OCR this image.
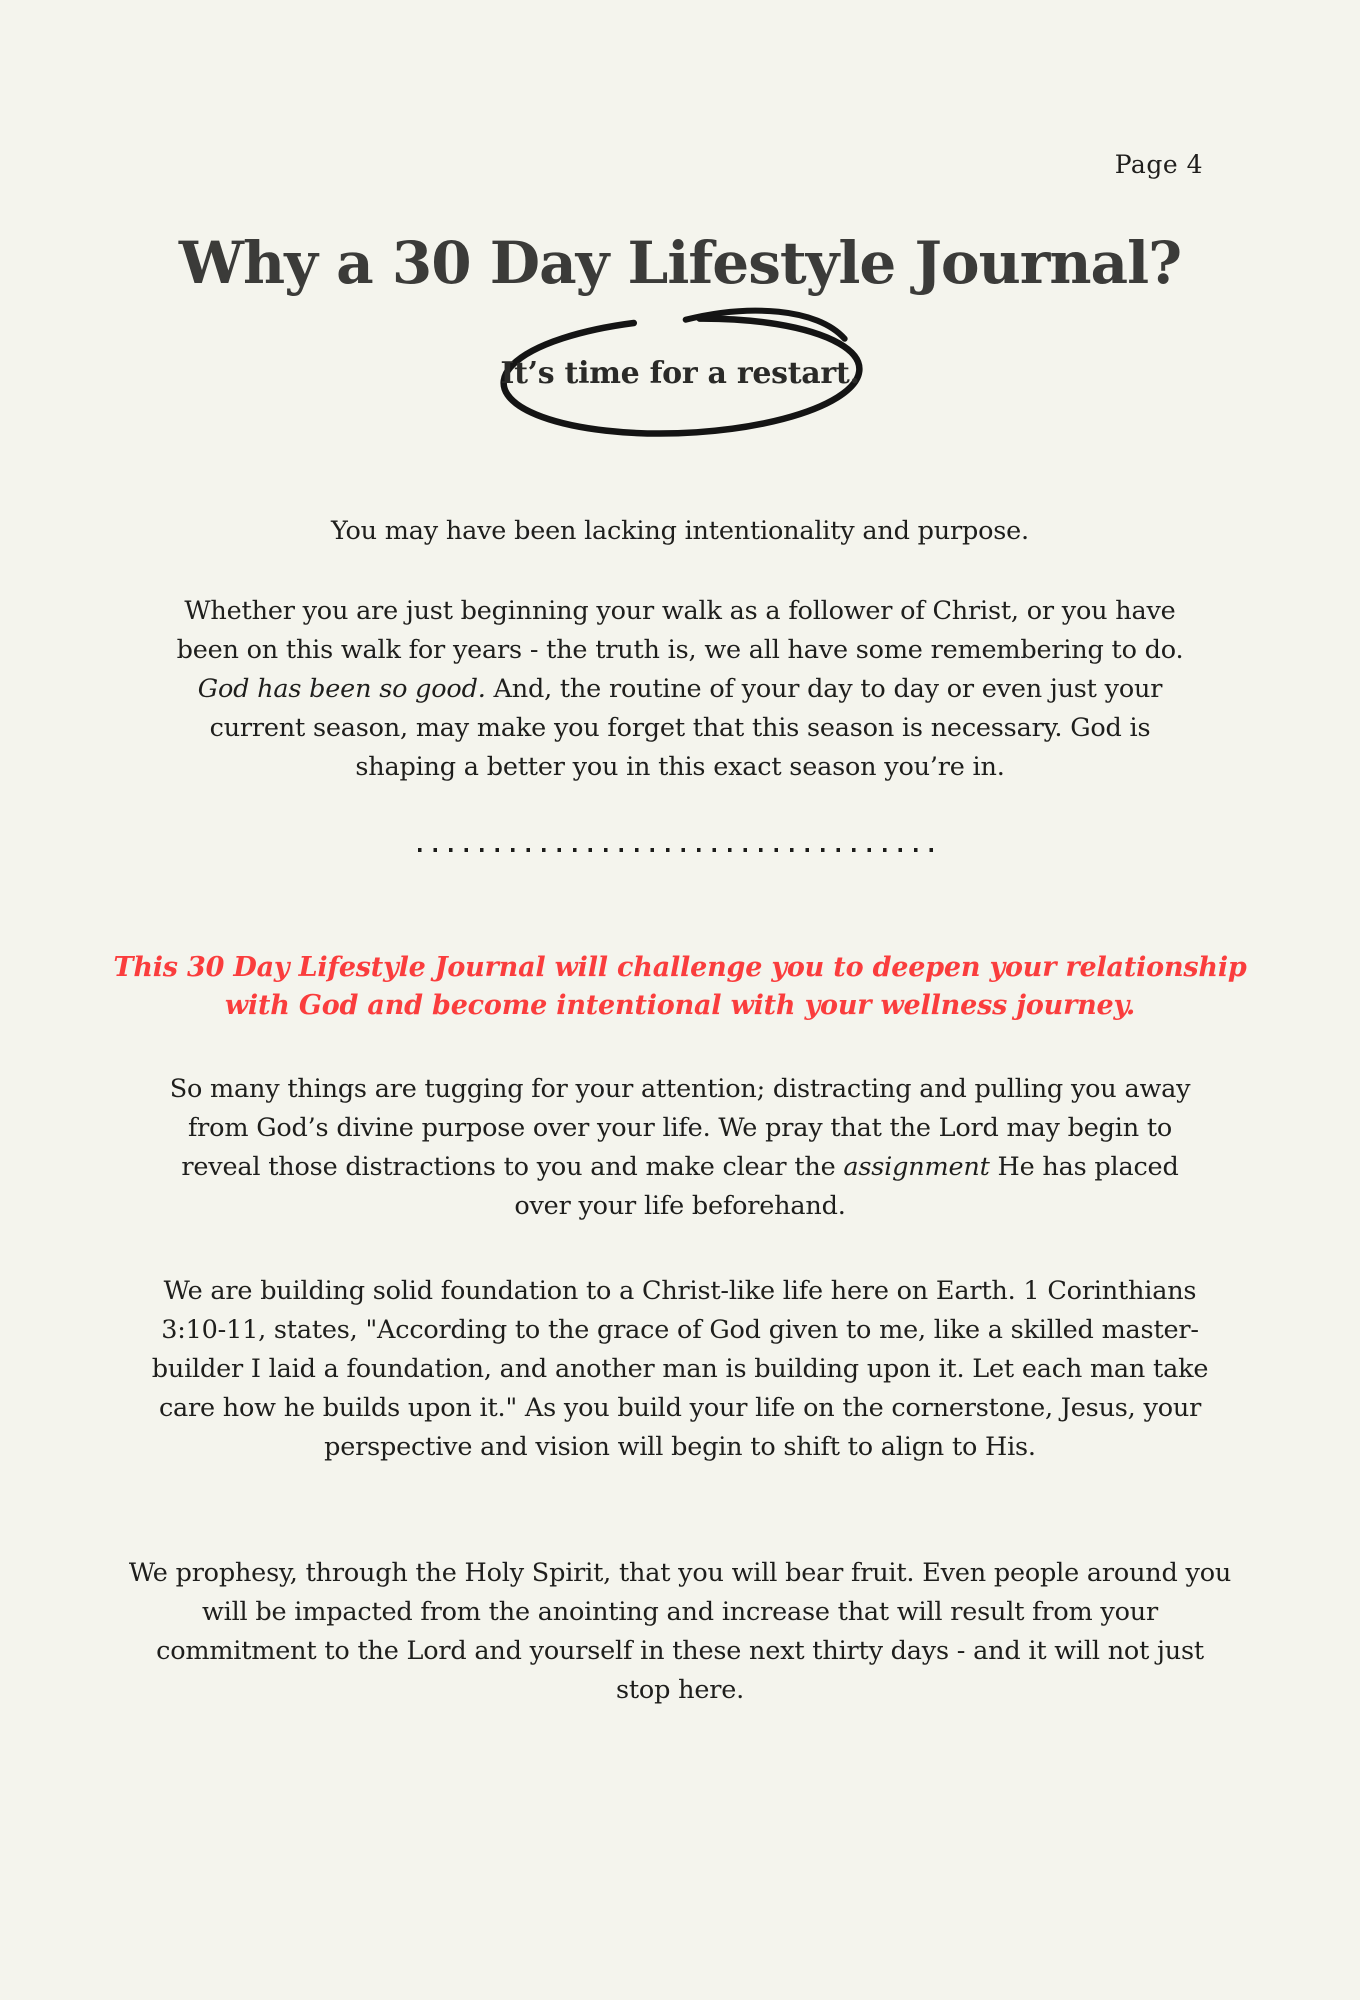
Page 4
Why a 30 Day Lifestyle Journal?
It’s time for a restart.

You may have been lacking intentionality and purpose.

Whether you are just beginning your walk as a follower of Christ, or you have been on this walk for years - the truth is, we all have some remembering to do. God has been so good. And, the routine of your day to day or even just your current season, may make you forget that this season is necessary. God is shaping a better you in this exact season you’re in.

This 30 Day Lifestyle Journal will challenge you to deepen your relationship with God and become intentional with your wellness journey.

So many things are tugging for your attention; distracting and pulling you away from God’s divine purpose over your life. We pray that the Lord may begin to reveal those distractions to you and make clear the assignment He has placed over your life beforehand.

We are building solid foundation to a Christ-like life here on Earth. 1 Corinthians 3:10-11, states, "According to the grace of God given to me, like a skilled master-builder I laid a foundation, and another man is building upon it. Let each man take care how he builds upon it." As you build your life on the cornerstone, Jesus, your perspective and vision will begin to shift to align to His.

We prophesy, through the Holy Spirit, that you will bear fruit. Even people around you will be impacted from the anointing and increase that will result from your commitment to the Lord and yourself in these next thirty days - and it will not just stop here.
